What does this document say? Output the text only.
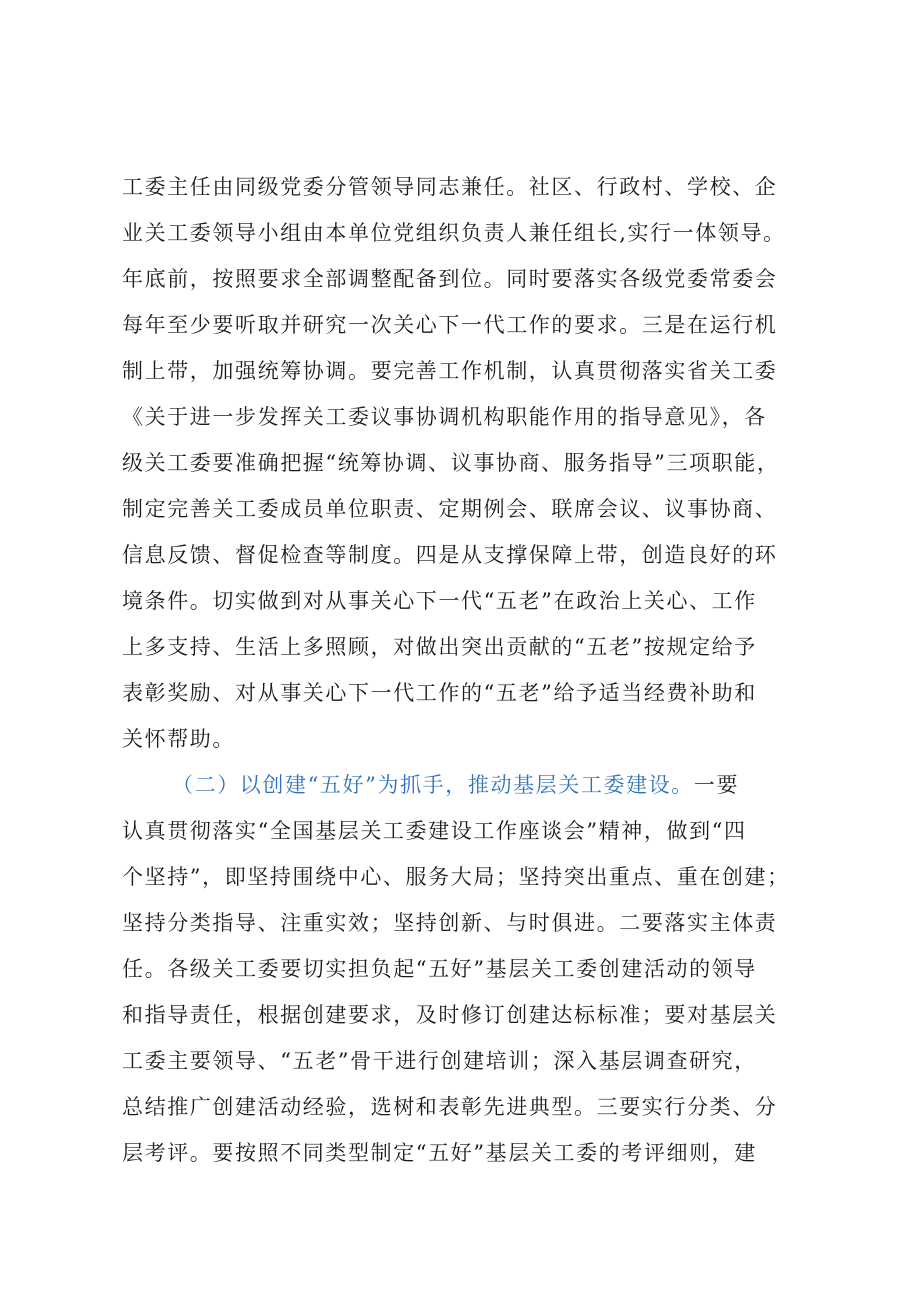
工委主任由同级党委分管领导同志兼任。社区、行政村、学校、企
业关工委领导小组由本单位党组织负责人兼任组长,实行一体领导。
年底前，按照要求全部调整配备到位。同时要落实各级党委常委会
每年至少要听取并研究一次关心下一代工作的要求。三是在运行机
制上带，加强统筹协调。要完善工作机制，认真贯彻落实省关工委
《关于进一步发挥关工委议事协调机构职能作用的指导意见》，各
级关工委要准确把握“统筹协调、议事协商、服务指导”三项职能，
制定完善关工委成员单位职责、定期例会、联席会议、议事协商、
信息反馈、督促检查等制度。四是从支撑保障上带，创造良好的环
境条件。切实做到对从事关心下一代“五老”在政治上关心、工作
上多支持、生活上多照顾，对做出突出贡献的“五老”按规定给予
表彰奖励、对从事关心下一代工作的“五老”给予适当经费补助和
关怀帮助。
（二）以创建“五好”为抓手，推动基层关工委建设。一要
认真贯彻落实“全国基层关工委建设工作座谈会”精神，做到“四
个坚持”，即坚持围绕中心、服务大局；坚持突出重点、重在创建；
坚持分类指导、注重实效；坚持创新、与时俱进。二要落实主体责
任。各级关工委要切实担负起“五好”基层关工委创建活动的领导
和指导责任，根据创建要求，及时修订创建达标标准；要对基层关
工委主要领导、“五老”骨干进行创建培训；深入基层调查研究，
总结推广创建活动经验，选树和表彰先进典型。三要实行分类、分
层考评。要按照不同类型制定“五好”基层关工委的考评细则，建
